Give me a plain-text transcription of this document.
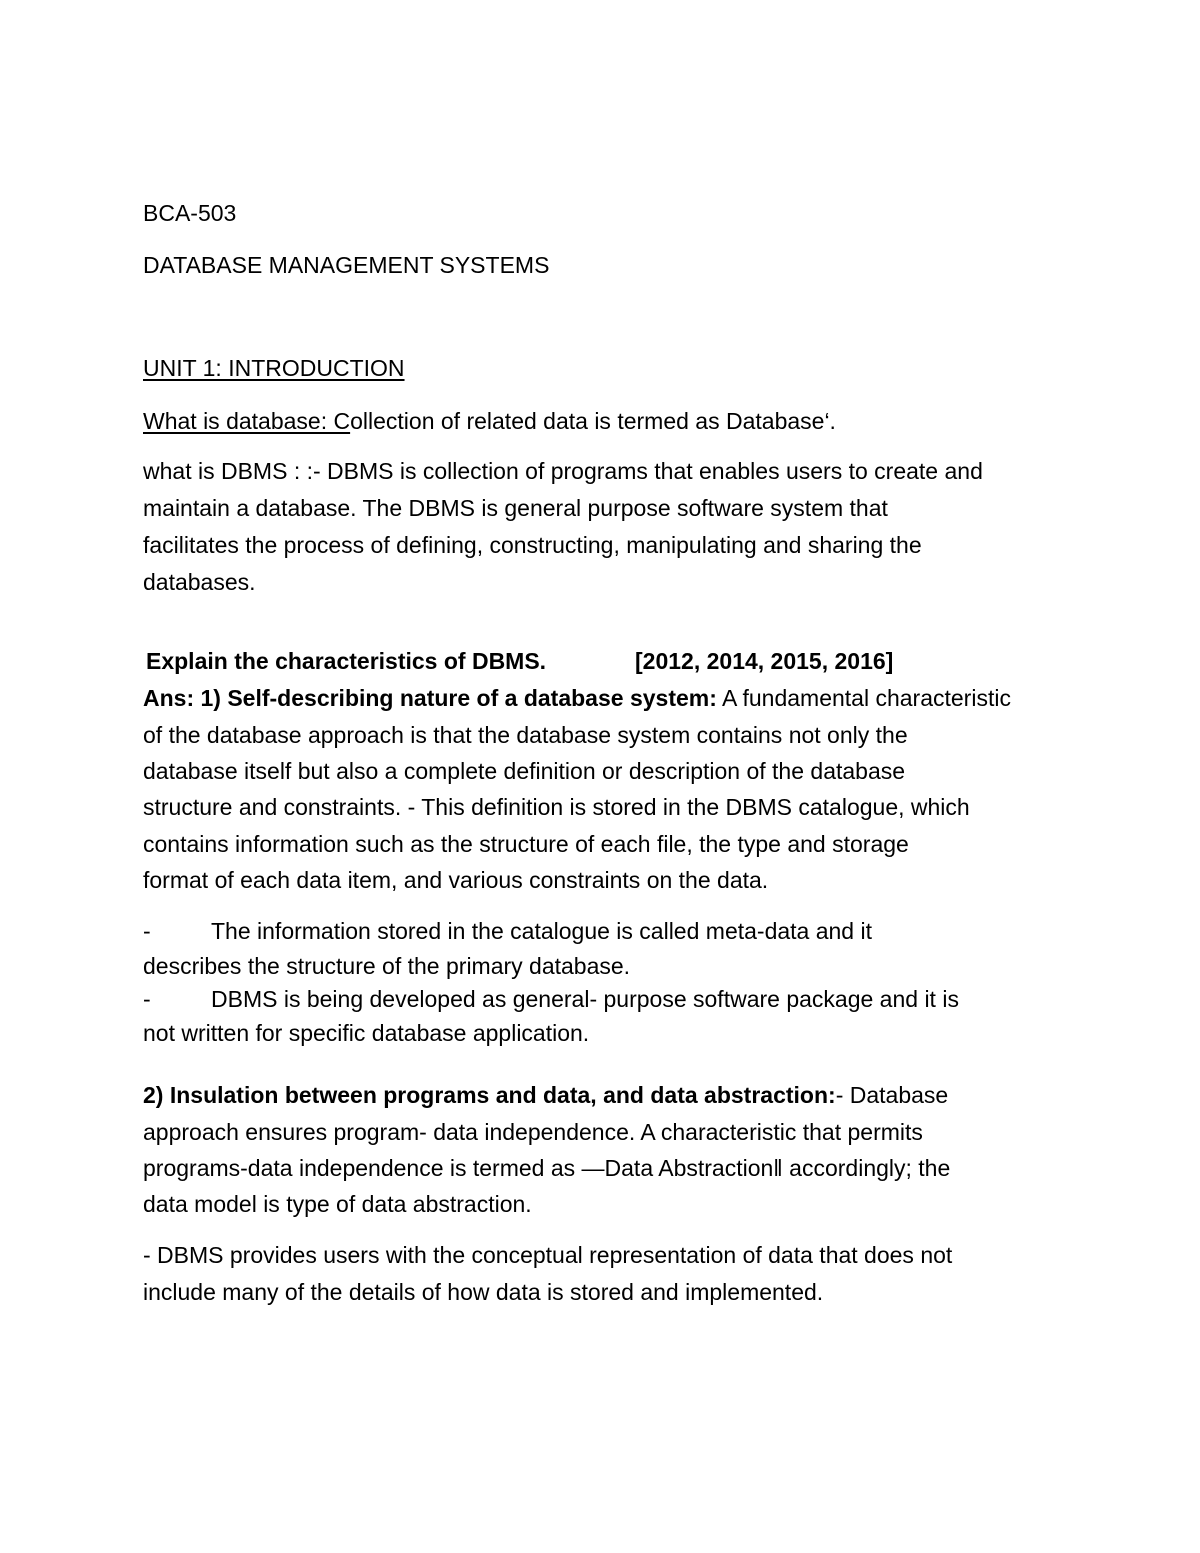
BCA-503
DATABASE MANAGEMENT SYSTEMS
UNIT 1: INTRODUCTION
What is database: Collection of related data is termed as Database‘.
what is DBMS : :- DBMS is collection of programs that enables users to create and
maintain a database. The DBMS is general purpose software system that
facilitates the process of defining, constructing, manipulating and sharing the
databases.
Explain the characteristics of DBMS.	[2012, 2014, 2015, 2016]
Ans: 1) Self-describing nature of a database system: A fundamental characteristic
of the database approach is that the database system contains not only the
database itself but also a complete definition or description of the database
structure and constraints. - This definition is stored in the DBMS catalogue, which
contains information such as the structure of each file, the type and storage
format of each data item, and various constraints on the data.
-	The information stored in the catalogue is called meta-data and it
describes the structure of the primary database.
-	DBMS is being developed as general- purpose software package and it is
not written for specific database application.
2) Insulation between programs and data, and data abstraction:- Database
approach ensures program- data independence. A characteristic that permits
programs-data independence is termed as ―Data Abstraction‖ accordingly; the
data model is type of data abstraction.
- DBMS provides users with the conceptual representation of data that does not
include many of the details of how data is stored and implemented.
